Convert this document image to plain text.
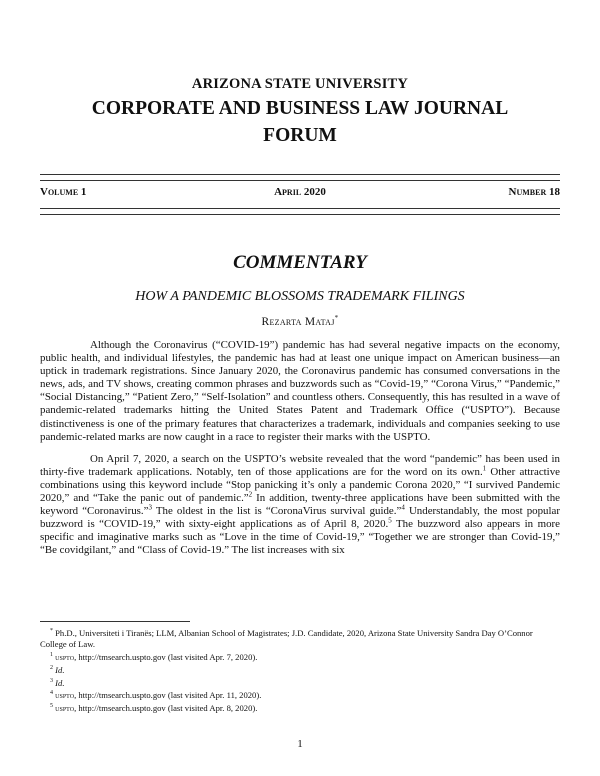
ARIZONA STATE UNIVERSITY
CORPORATE AND BUSINESS LAW JOURNAL
FORUM
Volume 1	April 2020	Number 18
COMMENTARY
HOW A PANDEMIC BLOSSOMS TRADEMARK FILINGS
Rezarta Mataj*

Although the Coronavirus (“COVID-19”) pandemic has had several negative impacts on the economy, public health, and individual lifestyles, the pandemic has had at least one unique impact on American business—an uptick in trademark registrations. Since January 2020, the Coronavirus pandemic has consumed conversations in the news, ads, and TV shows, creating common phrases and buzzwords such as “Covid-19,” “Corona Virus,” “Pandemic,” “Social Distancing,” “Patient Zero,” “Self-Isolation” and countless others. Consequently, this has resulted in a wave of pandemic-related trademarks hitting the United States Patent and Trademark Office (“USPTO”). Because distinctiveness is one of the primary features that characterizes a trademark, individuals and companies seeking to use pandemic-related marks are now caught in a race to register their marks with the USPTO.

On April 7, 2020, a search on the USPTO’s website revealed that the word “pandemic” has been used in thirty-five trademark applications. Notably, ten of those applications are for the word on its own.$^1$ Other attractive combinations using this keyword include “Stop panicking it’s only a pandemic Corona 2020,” “I survived Pandemic 2020,” and “Take the panic out of pandemic.”$^2$ In addition, twenty-three applications have been submitted with the keyword “Coronavirus.”$^3$ The oldest in the list is “CoronaVirus survival guide.”$^4$ Understandably, the most popular buzzword is “COVID-19,” with sixty-eight applications as of April 8, 2020.$^5$ The buzzword also appears in more specific and imaginative marks such as “Love in the time of Covid-19,” “Together we are stronger than Covid-19,” “Be covidgilant,” and “Class of Covid-19.” The list increases with six

* Ph.D., Universiteti i Tiranës; LLM, Albanian School of Magistrates; J.D. Candidate, 2020, Arizona State University Sandra Day O’Connor College of Law.
$^1$ uspto, http://tmsearch.uspto.gov (last visited Apr. 7, 2020).
$^2$ Id.
$^3$ Id.
$^4$ uspto, http://tmsearch.uspto.gov (last visited Apr. 11, 2020).
$^5$ uspto, http://tmsearch.uspto.gov (last visited Apr. 8, 2020).
1
